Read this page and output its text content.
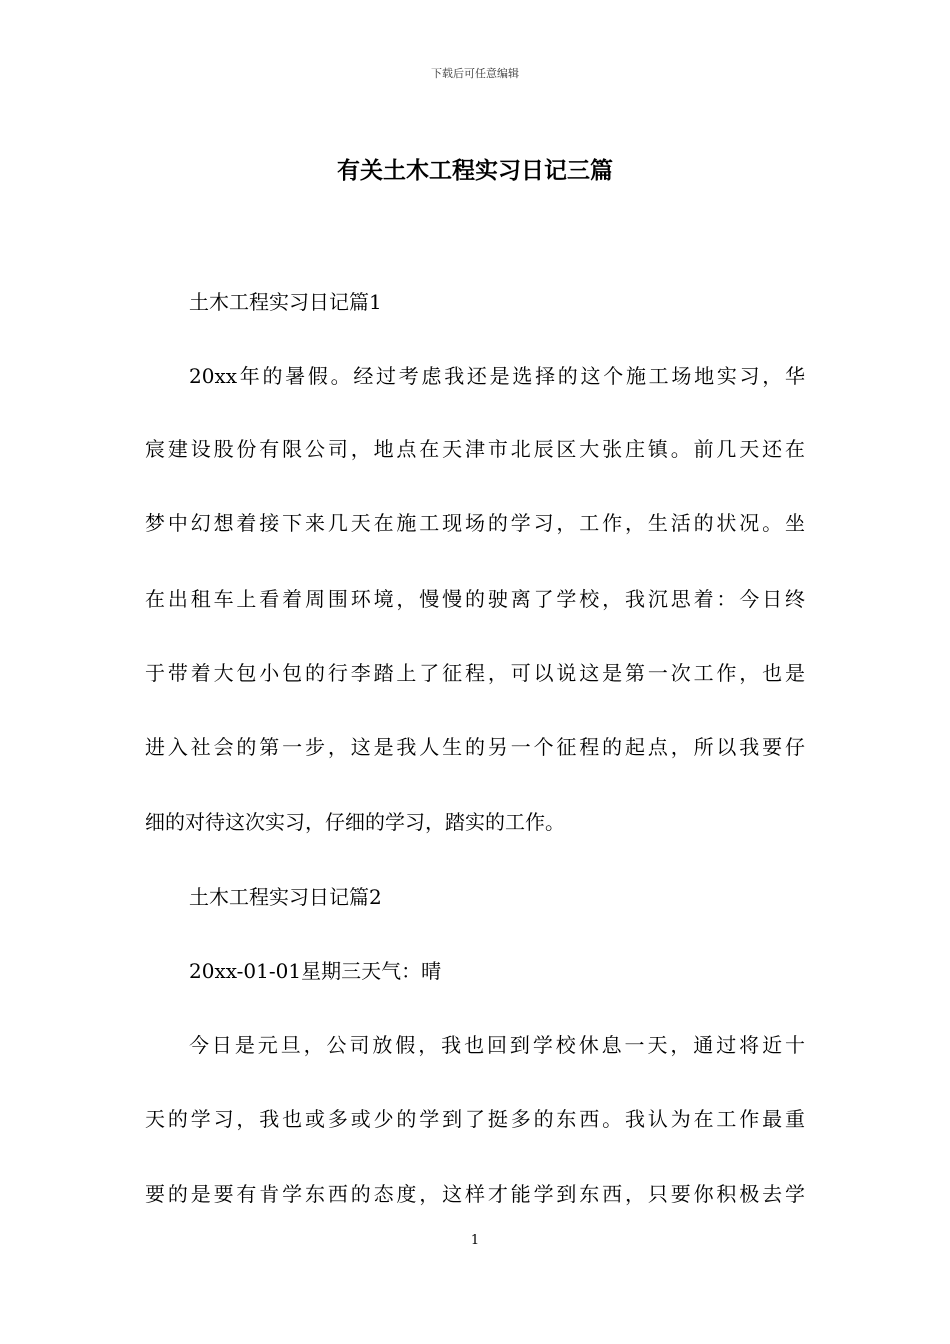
下载后可任意编辑
有关土木工程实习日记三篇
土木工程实习日记篇1
20xx年的暑假。经过考虑我还是选择的这个施工场地实习，华
宸建设股份有限公司，地点在天津市北辰区大张庄镇。前几天还在
梦中幻想着接下来几天在施工现场的学习，工作，生活的状况。坐
在出租车上看着周围环境，慢慢的驶离了学校，我沉思着：今日终
于带着大包小包的行李踏上了征程，可以说这是第一次工作，也是
进入社会的第一步，这是我人生的另一个征程的起点，所以我要仔
细的对待这次实习，仔细的学习，踏实的工作。
土木工程实习日记篇2
20xx-01-01星期三天气：晴
今日是元旦，公司放假，我也回到学校休息一天，通过将近十
天的学习，我也或多或少的学到了挺多的东西。我认为在工作最重
要的是要有肯学东西的态度，这样才能学到东西，只要你积极去学
1
